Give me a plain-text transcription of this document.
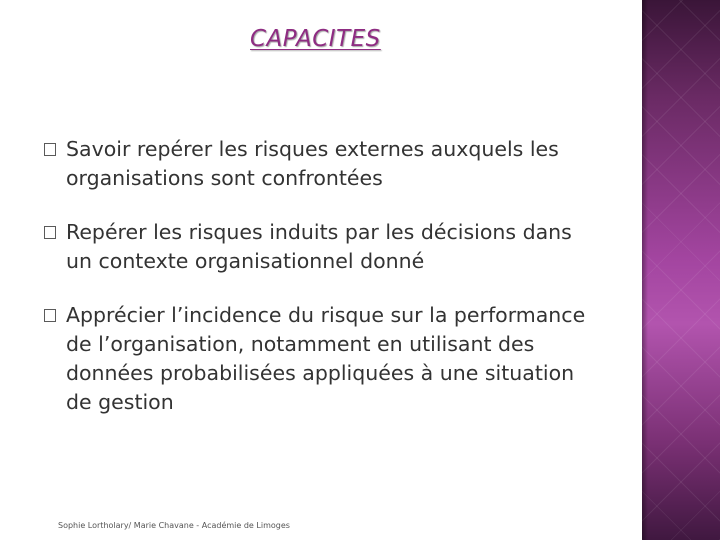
CAPACITES
Savoir repérer les risques externes auxquels les organisations sont confrontées
Repérer les risques induits par les décisions dans un contexte organisationnel donné
Apprécier l’incidence du risque sur la performance de l’organisation, notamment en utilisant des données probabilisées appliquées à une situation de gestion
Sophie Lortholary/ Marie Chavane - Académie de Limoges
